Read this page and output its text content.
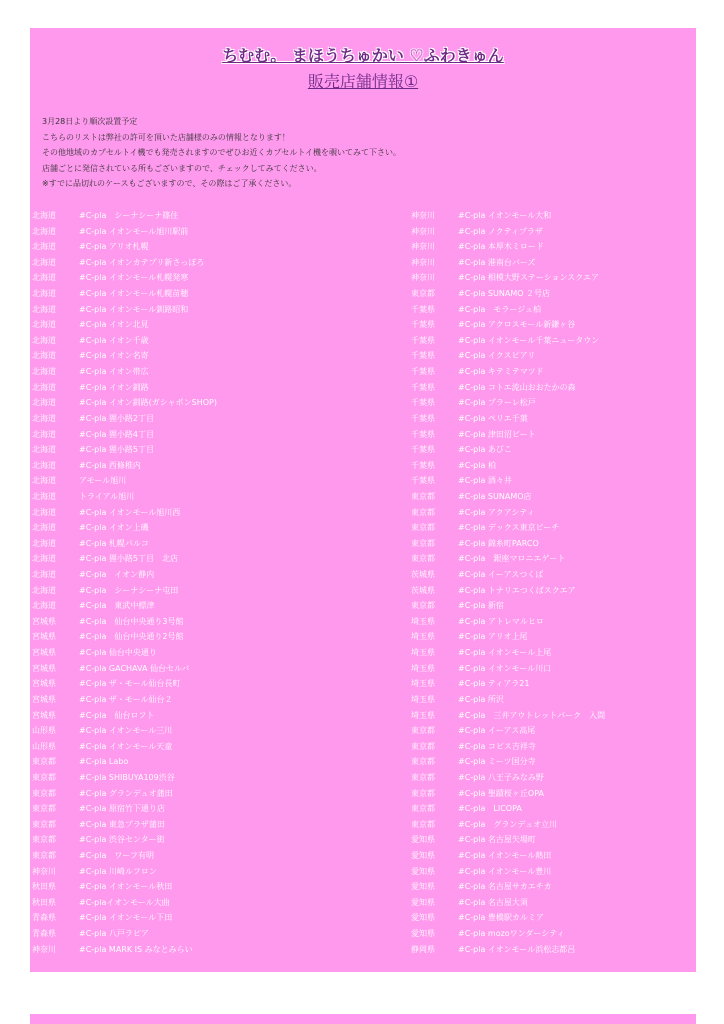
ちむむ。 まほうちゅかい ♡ふわきゅん
販売店舗情報①
3月28日より順次設置予定
こちらのリストは弊社の許可を頂いた店舗様のみの情報となります！
その他地域のカプセルトイ機でも発売されますのでぜひお近くカプセルトイ機を覗いてみて下さい。
店舗ごとに発信されている所もございますので、チェックしてみてください。
※すでに品切れのケースもございますので、その際はご了承ください。
北海道	#C-pla　シーナシーナ篠住
北海道	#C-pla イオンモール旭川駅前
北海道	#C-pla アリオ札幌
北海道	#C-pla イオンカテプリ新さっぽろ
北海道	#C-pla イオンモール札幌発寒
北海道	#C-pla イオンモール札幌苗穂
北海道	#C-pla イオンモール釧路昭和
北海道	#C-pla イオン北見
北海道	#C-pla イオン千歳
北海道	#C-pla イオン名寄
北海道	#C-pla イオン帯広
北海道	#C-pla イオン釧路
北海道	#C-pla イオン釧路(ガシャポンSHOP)
北海道	#C-pla 狸小路2丁目
北海道	#C-pla 狸小路4丁目
北海道	#C-pla 狸小路5丁目
北海道	#C-pla 西條稚内
北海道	アモール旭川
北海道	トライアル旭川
北海道	#C-pla イオンモール旭川西
北海道	#C-pla イオン上磯
北海道	#C-pla 札幌パルコ
北海道	#C-pla 狸小路5丁目　北店
北海道	#C-pla　イオン静内
北海道	#C-pla　シーナシーナ屯田
北海道	#C-pla　東武中標津
宮城県	#C-pla　仙台中央通り3号館
宮城県	#C-pla　仙台中央通り2号館
宮城県	#C-pla 仙台中央通り
宮城県	#C-pla GACHAVA 仙台セルバ
宮城県	#C-pla ザ・モール仙台長町
宮城県	#C-pla ザ・モール仙台２
宮城県	#C-pla　仙台ロフト
山形県	#C-pla イオンモール三川
山形県	#C-pla イオンモール天童
東京都	#C-pla Labo
東京都	#C-pla SHIBUYA109渋谷
東京都	#C-pla グランデュオ蒲田
東京都	#C-pla 原宿竹下通り店
東京都	#C-pla 東急プラザ蒲田
東京都	#C-pla 渋谷センター街
東京都	#C-pla　ワーフ有明
神奈川	#C-pla 川崎ルフロン
秋田県	#C-pla イオンモール秋田
秋田県	#C-plaイオンモール大曲
青森県	#C-pla イオンモール下田
青森県	#C-pla 八戸ラピア
神奈川	#C-pla MARK IS みなとみらい
神奈川	#C-pla イオンモール大和
神奈川	#C-pla ノクティプラザ
神奈川	#C-pla 本厚木ミロード
神奈川	#C-pla 港南台バーズ
神奈川	#C-pla 相模大野ステーションスクエア
東京都	#C-pla SUNAMO ２号店
千葉県	#C-pla　モラージュ柏
千葉県	#C-pla アクロスモール新鎌ヶ谷
千葉県	#C-pla イオンモール千葉ニュータウン
千葉県	#C-pla イクスピアリ
千葉県	#C-pla キテミテマツド
千葉県	#C-pla コトエ流山おおたかの森
千葉県	#C-pla プラーレ松戸
千葉県	#C-pla ペリエ千葉
千葉県	#C-pla 津田沼ビート
千葉県	#C-pla あびこ
千葉県	#C-pla 柏
千葉県	#C-pla 酒々井
東京都	#C-pla SUNAMO店
東京都	#C-pla アクアシティ
東京都	#C-pla デックス東京ビーチ
東京都	#C-pla 錦糸町PARCO
東京都	#C-pla　銀座マロニエゲート
茨城県	#C-pla イーアスつくば
茨城県	#C-pla トナリエつくばスクエア
東京都	#C-pla 新宿
埼玉県	#C-pla アトレマルヒロ
埼玉県	#C-pla アリオ上尾
埼玉県	#C-pla イオンモール上尾
埼玉県	#C-pla イオンモール川口
埼玉県	#C-pla ティアラ21
埼玉県	#C-pla 所沢
埼玉県	#C-pla　三井アウトレットパーク　入間
東京都	#C-pla イーアス高尾
東京都	#C-pla コピス吉祥寺
東京都	#C-pla ミーツ国分寺
東京都	#C-pla 八王子みなみ野
東京都	#C-pla 聖蹟桜ヶ丘OPA
東京都	#C-pla　LICOPA
東京都	#C-pla　グランデュオ立川
愛知県	#C-pla 名古屋矢場町
愛知県	#C-pla イオンモール熱田
愛知県	#C-pla イオンモール豊川
愛知県	#C-pla 名古屋サカエチカ
愛知県	#C-pla 名古屋大須
愛知県	#C-pla 豊橋駅カルミア
愛知県	#C-pla mozoワンダーシティ
静岡県	#C-pla イオンモール浜松志都呂
